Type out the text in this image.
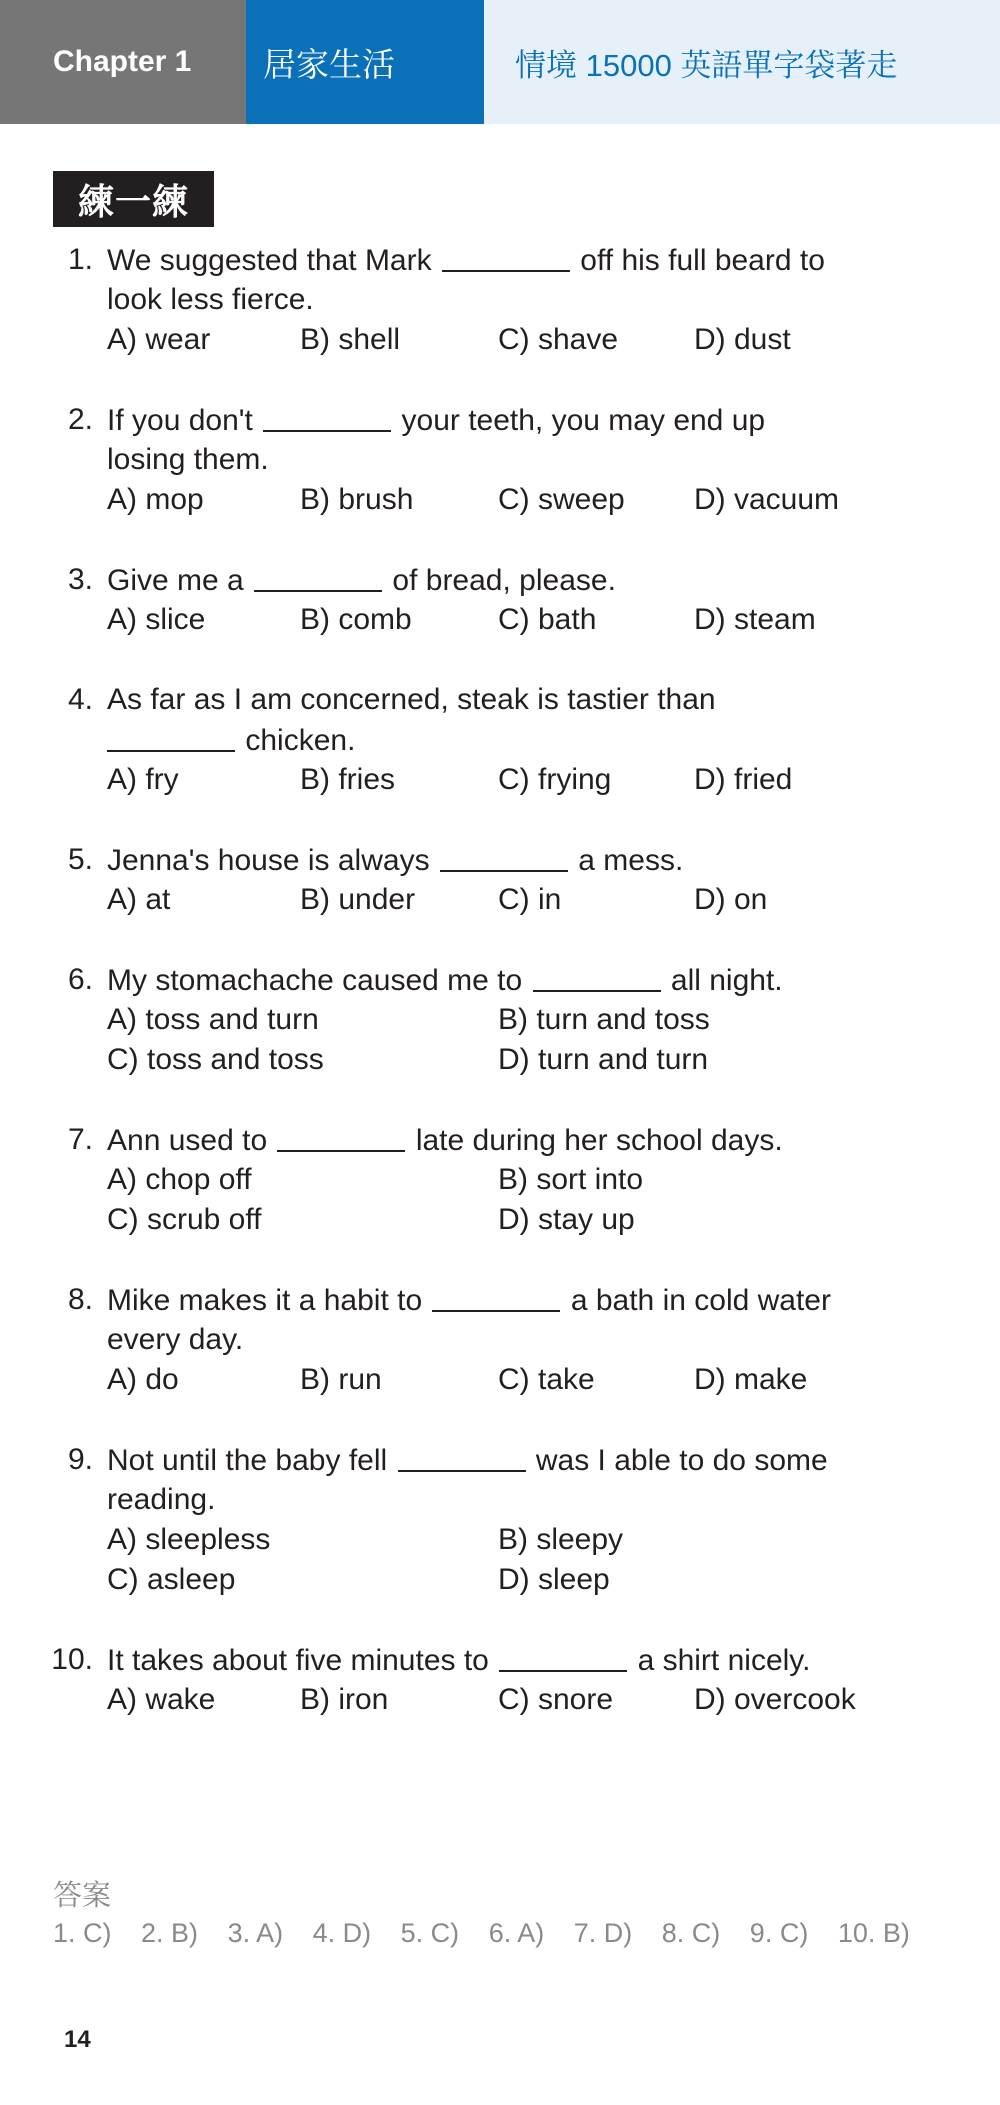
Chapter 1	居家生活	情境 15000 英語單字袋著走
練一練
1. We suggested that Mark	off his full beard to
look less fierce.
A) wear	B) shell	C) shave	D) dust
2. If you don't	your teeth, you may end up
losing them.
A) mop	B) brush	C) sweep D) vacuum
3. Give me a	of bread, please.
A) slice	B) comb	C) bath	D) steam
4. As far as I am concerned, steak is tastier than
chicken.
A) fry	B) fries	C) frying	D) fried
5. Jenna's house is always	a mess.
A) at	B) under	C) in	D) on
6. My stomachache caused me to	all night.
A) toss and turn	B) turn and toss
C) toss and toss	D) turn and turn
7. Ann used to	late during her school days.
A) chop off	B) sort into
C) scrub off	D) stay up
8. Mike makes it a habit to	a bath in cold water
every day.
A) do	B) run	C) take	D) make
9. Not until the baby fell	was I able to do some
reading.
A) sleepless	B) sleepy
C) asleep	D) sleep
10. It takes about five minutes to	a shirt nicely.
A) wake	B) iron	C) snore	D) overcook
答案
1. C) 2. B) 3. A) 4. D) 5. C) 6. A) 7. D) 8. C) 9. C) 10. B)
14
